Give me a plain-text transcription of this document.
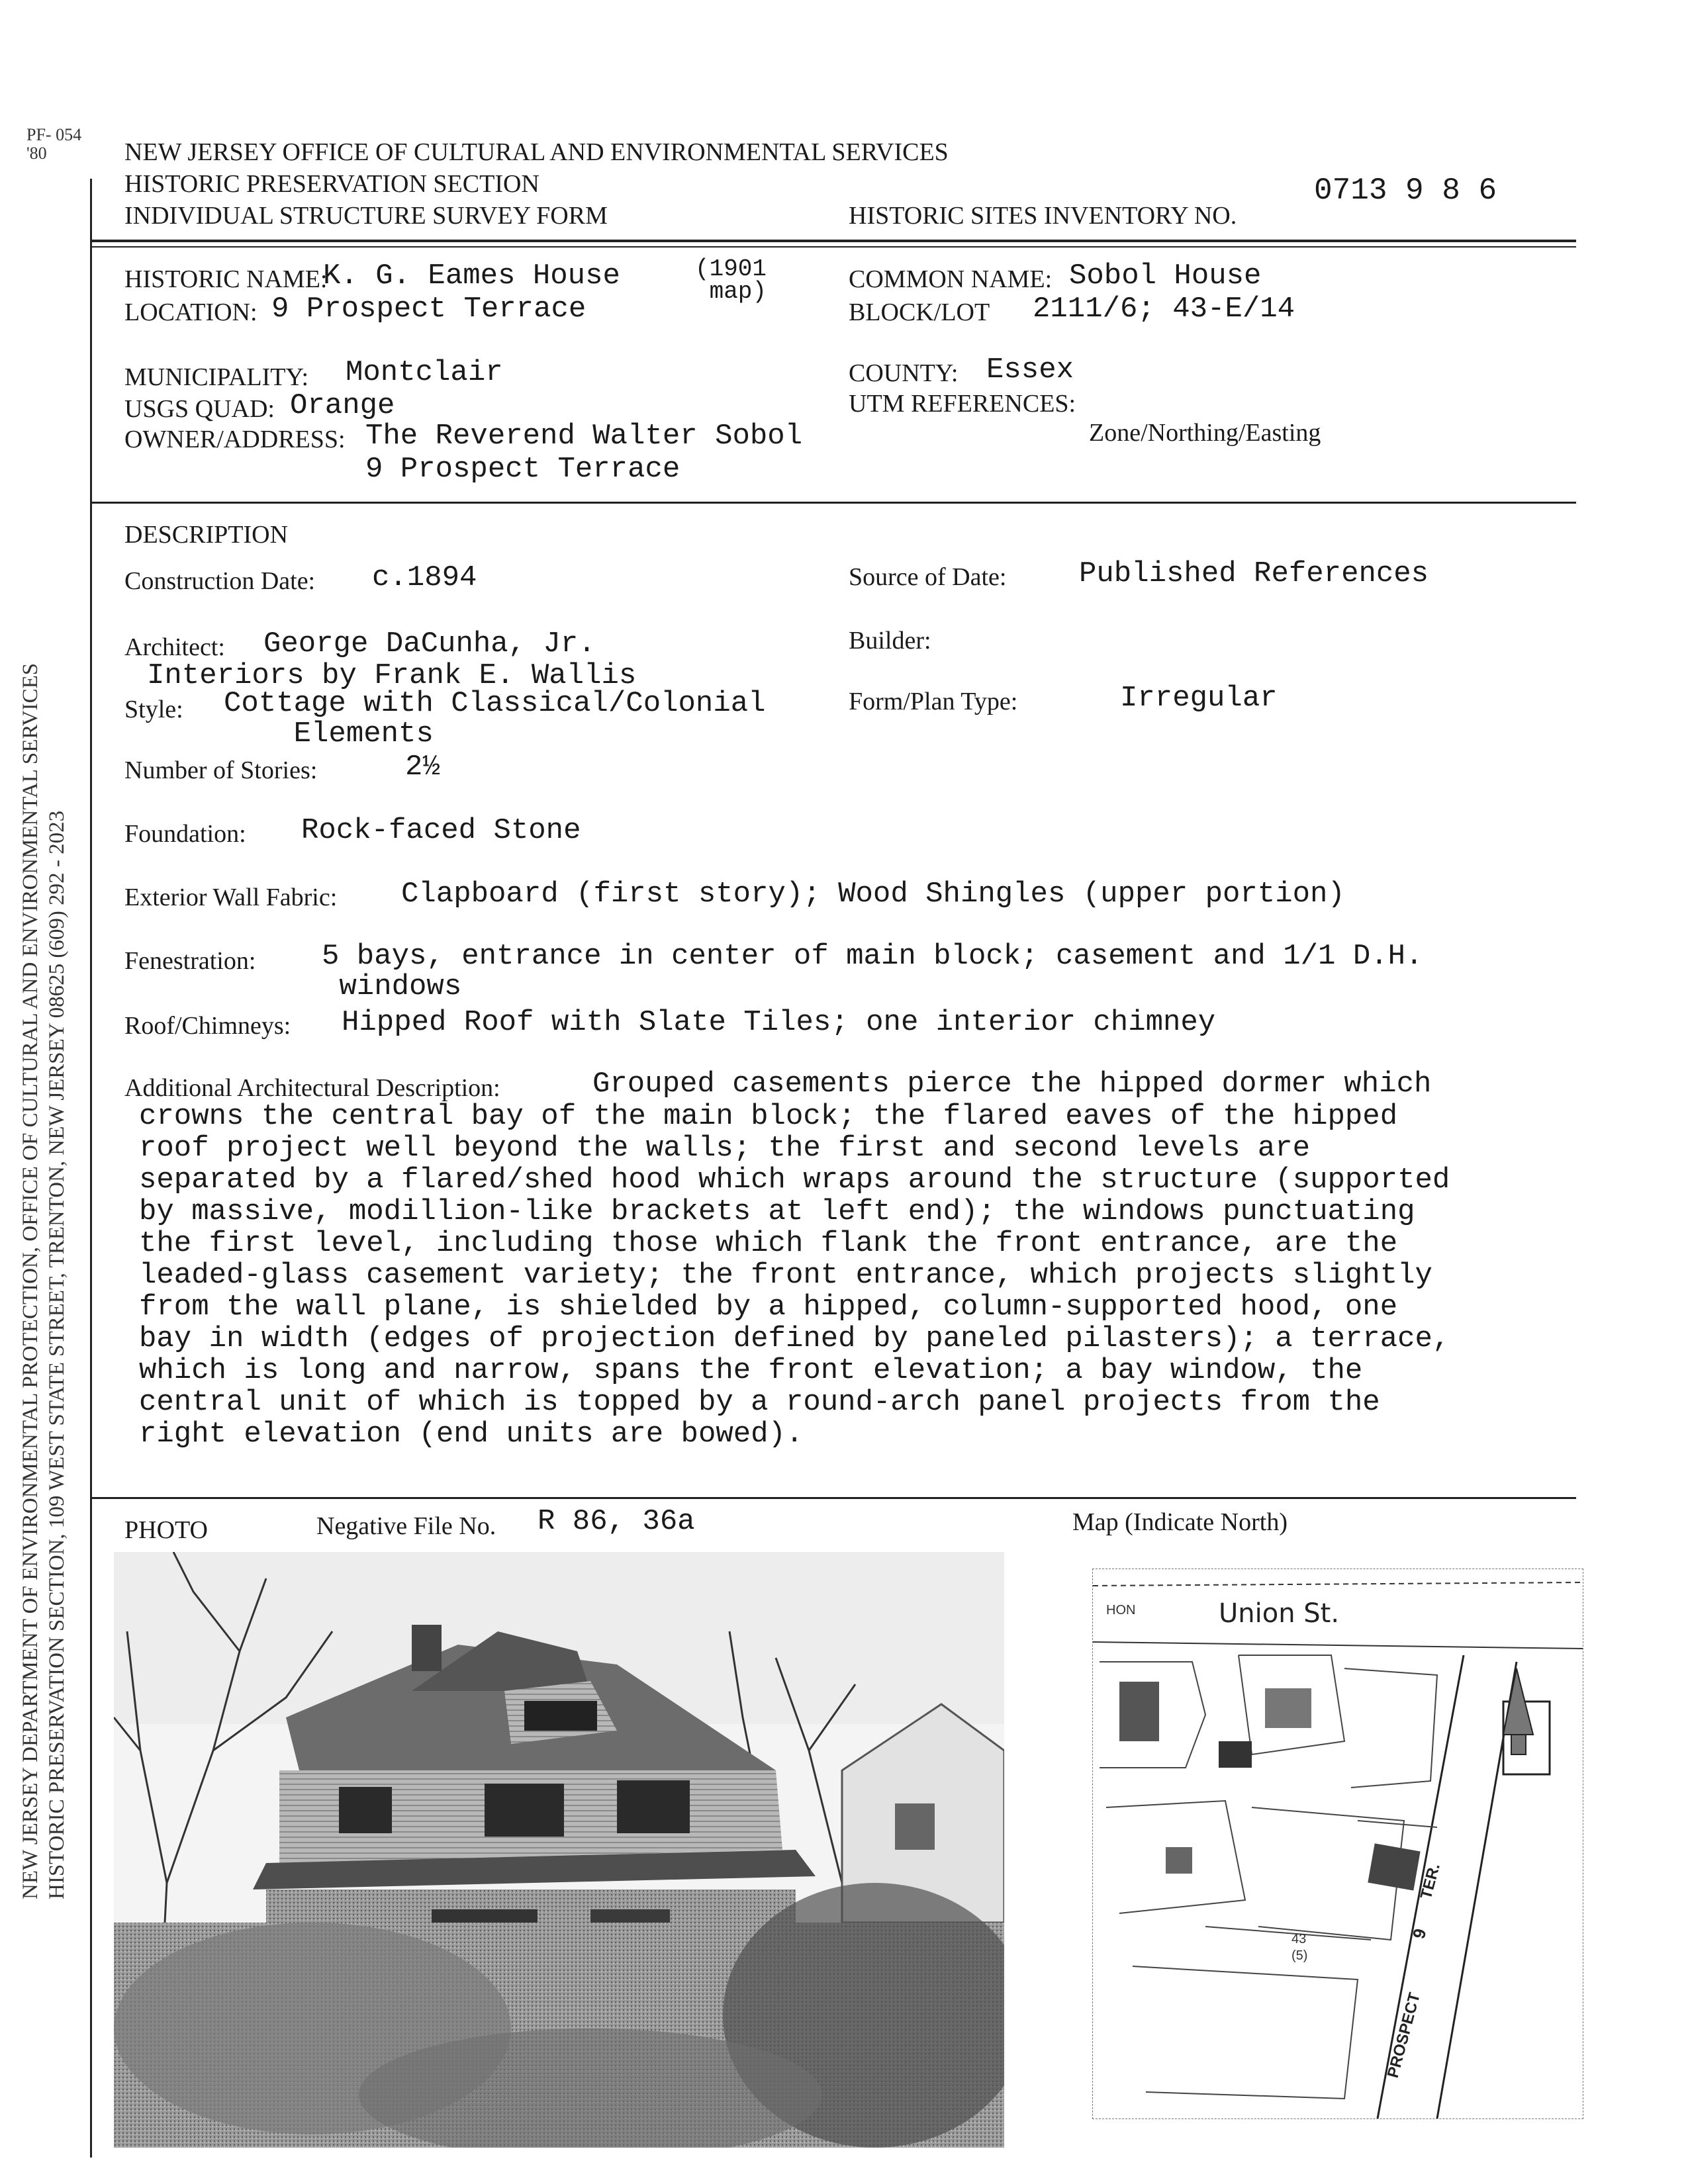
PF- 054
'80
NEW JERSEY DEPARTMENT OF ENVIRONMENTAL PROTECTION, OFFICE OF CULTURAL AND ENVIRONMENTAL SERVICES HISTORIC PRESERVATION SECTION, 109 WEST STATE STREET, TRENTON, NEW JERSEY 08625 (609) 292 - 2023
NEW JERSEY OFFICE OF CULTURAL AND ENVIRONMENTAL SERVICES
HISTORIC PRESERVATION SECTION
INDIVIDUAL STRUCTURE SURVEY FORM	HISTORIC SITES INVENTORY NO.
0713 9 8 6
HISTORIC NAME:
K. G. Eames House	(1901
map)	COMMON NAME: Sobol House
LOCATION: 9 Prospect Terrace	BLOCK/LOT 2111/6; 43-E/14
MUNICIPALITY: Montclair	COUNTY: Essex
USGS QUAD: Orange	UTM REFERENCES:
Zone/Northing/Easting
OWNER/ADDRESS: The Reverend Walter Sobol
9 Prospect Terrace
DESCRIPTION
Construction Date: c.1894	Source of Date: Published References
Architect: George DaCunha, Jr.
Interiors by Frank E. Wallis
Builder:
Style: Cottage with Classical/Colonial
Elements
Form/Plan Type:	Irregular
Number of Stories:	2½
Foundation: Rock-faced Stone
Exterior Wall Fabric: Clapboard (first story); Wood Shingles (upper portion)
Fenestration: 5 bays, entrance in center of main block; casement and 1/1 D.H.
windows
Roof/Chimneys: Hipped Roof with Slate Tiles; one interior chimney
Additional Architectural Description:	Grouped casements pierce the hipped dormer which
crowns the central bay of the main block; the flared eaves of the hipped
roof project well beyond the walls; the first and second levels are
separated by a flared/shed hood which wraps around the structure (supported
by massive, modillion-like brackets at left end); the windows punctuating
the first level, including those which flank the front entrance, are the
leaded-glass casement variety; the front entrance, which projects slightly
from the wall plane, is shielded by a hipped, column-supported hood, one
bay in width (edges of projection defined by paneled pilasters); a terrace,
which is long and narrow, spans the front elevation; a bay window, the
central unit of which is topped by a round-arch panel projects from the
right elevation (end units are bowed).
PHOTO	Negative File No. R 86, 36a	Map (Indicate North)
HON	Union St.
43
(5)
PROSPECT
9
TER.
